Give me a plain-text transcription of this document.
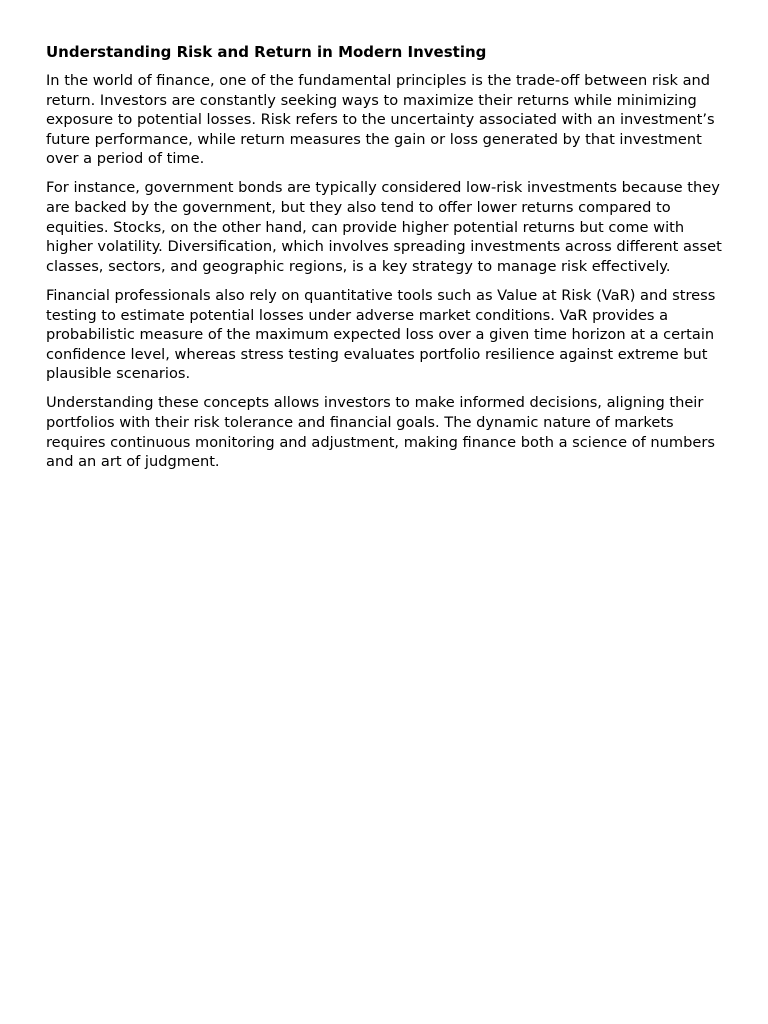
Understanding Risk and Return in Modern Investing

In the world of finance, one of the fundamental principles is the trade-off between risk and return. Investors are constantly seeking ways to maximize their returns while minimizing exposure to potential losses. Risk refers to the uncertainty associated with an investment’s future performance, while return measures the gain or loss generated by that investment over a period of time.

For instance, government bonds are typically considered low-risk investments because they are backed by the government, but they also tend to offer lower returns compared to equities. Stocks, on the other hand, can provide higher potential returns but come with higher volatility. Diversification, which involves spreading investments across different asset classes, sectors, and geographic regions, is a key strategy to manage risk effectively.

Financial professionals also rely on quantitative tools such as Value at Risk (VaR) and stress testing to estimate potential losses under adverse market conditions. VaR provides a probabilistic measure of the maximum expected loss over a given time horizon at a certain confidence level, whereas stress testing evaluates portfolio resilience against extreme but plausible scenarios.

Understanding these concepts allows investors to make informed decisions, aligning their portfolios with their risk tolerance and financial goals. The dynamic nature of markets requires continuous monitoring and adjustment, making finance both a science of numbers and an art of judgment.
